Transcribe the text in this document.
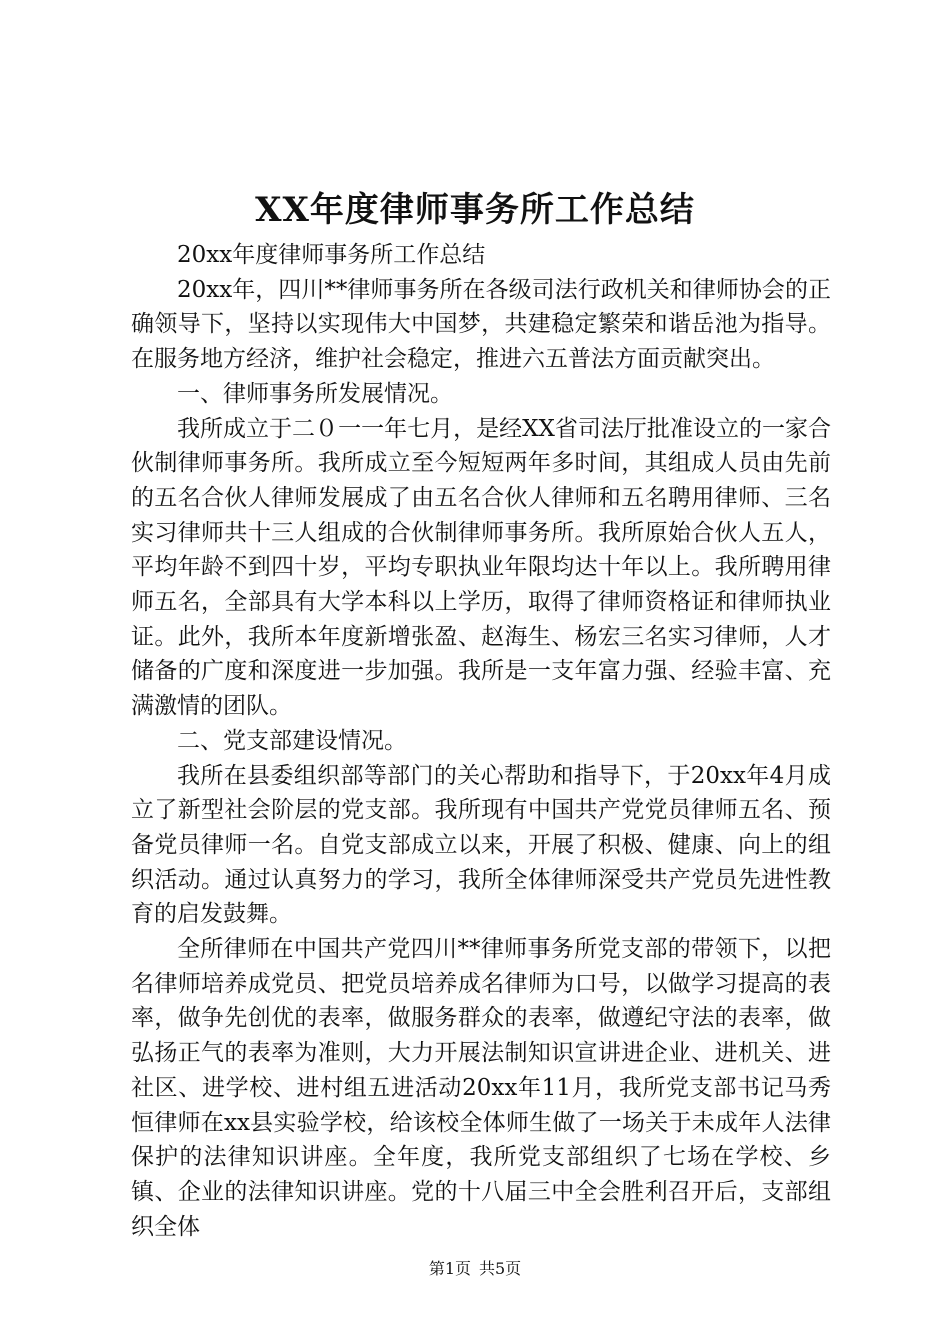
XX年度律师事务所工作总结

20xx年度律师事务所工作总结

20xx年，四川**律师事务所在各级司法行政机关和律师协会的正确领导下，坚持以实现伟大中国梦，共建稳定繁荣和谐岳池为指导。在服务地方经济，维护社会稳定，推进六五普法方面贡献突出。

一、律师事务所发展情况。

我所成立于二０一一年七月，是经XX省司法厅批准设立的一家合伙制律师事务所。我所成立至今短短两年多时间，其组成人员由先前的五名合伙人律师发展成了由五名合伙人律师和五名聘用律师、三名实习律师共十三人组成的合伙制律师事务所。我所原始合伙人五人，平均年龄不到四十岁，平均专职执业年限均达十年以上。我所聘用律师五名，全部具有大学本科以上学历，取得了律师资格证和律师执业证。此外，我所本年度新增张盈、赵海生、杨宏三名实习律师，人才储备的广度和深度进一步加强。我所是一支年富力强、经验丰富、充满激情的团队。

二、党支部建设情况。

我所在县委组织部等部门的关心帮助和指导下，于20xx年4月成立了新型社会阶层的党支部。我所现有中国共产党党员律师五名、预备党员律师一名。自党支部成立以来，开展了积极、健康、向上的组织活动。通过认真努力的学习，我所全体律师深受共产党员先进性教育的启发鼓舞。

全所律师在中国共产党四川**律师事务所党支部的带领下，以把名律师培养成党员、把党员培养成名律师为口号，以做学习提高的表率，做争先创优的表率，做服务群众的表率，做遵纪守法的表率，做弘扬正气的表率为准则，大力开展法制知识宣讲进企业、进机关、进社区、进学校、进村组五进活动20xx年11月，我所党支部书记马秀恒律师在xx县实验学校，给该校全体师生做了一场关于未成年人法律保护的法律知识讲座。全年度，我所党支部组织了七场在学校、乡镇、企业的法律知识讲座。党的十八届三中全会胜利召开后，支部组织全体

第1页 共5页
